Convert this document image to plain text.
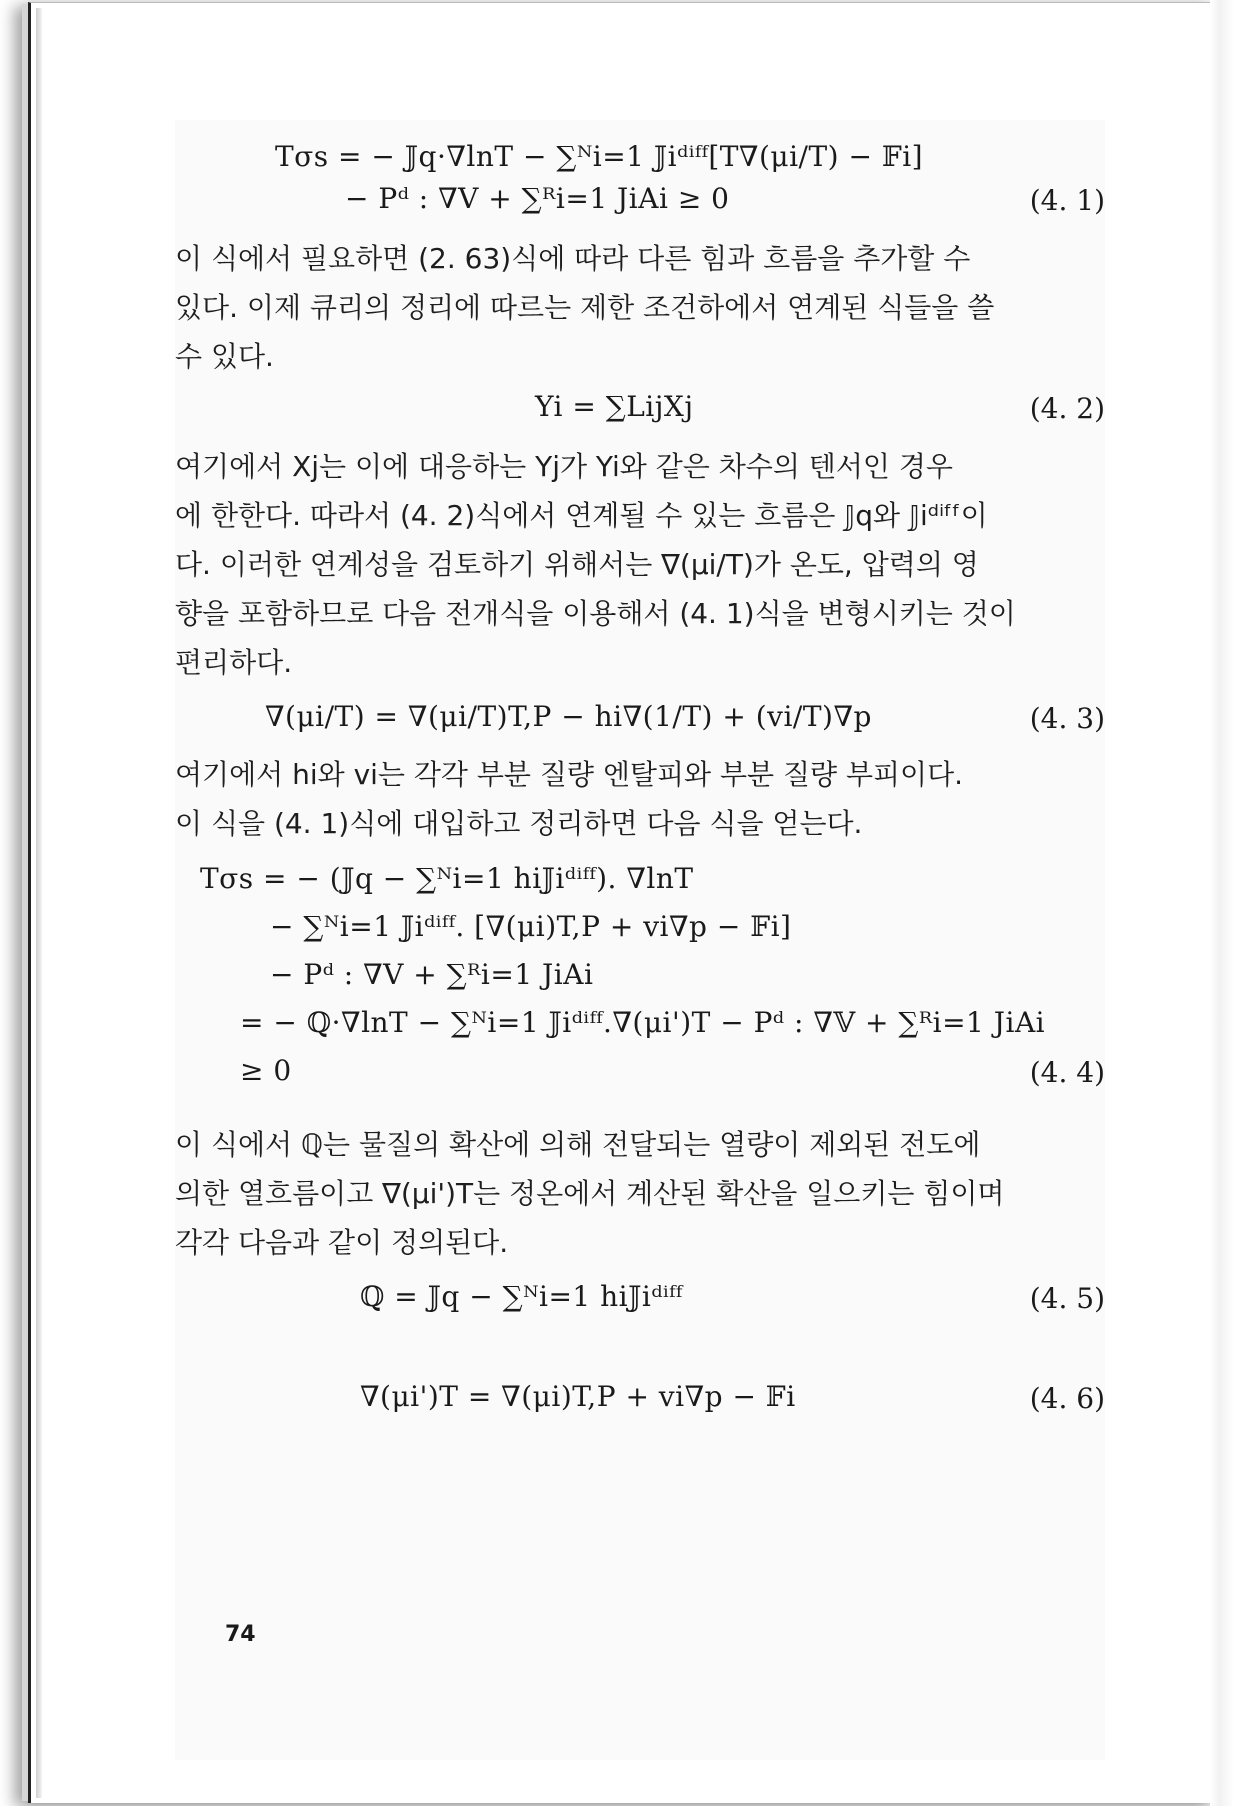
Tσs = − 𝕁q·∇lnT − ∑ᴺi=1 𝕁iᵈⁱᶠᶠ[T∇(μi/T) − 𝔽i]
− Pᵈ : ∇V + ∑ᴿi=1 JiAi ≥ 0	(4. 1)
이 식에서 필요하면 (2. 63)식에 따라 다른 힘과 흐름을 추가할 수
있다. 이제 큐리의 정리에 따르는 제한 조건하에서 연계된 식들을 쓸
수 있다.
Yi = ∑LijXj	(4. 2)
여기에서 Xj는 이에 대응하는 Yj가 Yi와 같은 차수의 텐서인 경우
에 한한다. 따라서 (4. 2)식에서 연계될 수 있는 흐름은 𝕁q와 𝕁iᵈⁱᶠᶠ이
다. 이러한 연계성을 검토하기 위해서는 ∇(μi/T)가 온도, 압력의 영
향을 포함하므로 다음 전개식을 이용해서 (4. 1)식을 변형시키는 것이
편리하다.
∇(μi/T) = ∇(μi/T)T,P − hi∇(1/T) + (vi/T)∇p	(4. 3)
여기에서 hi와 vi는 각각 부분 질량 엔탈피와 부분 질량 부피이다.
이 식을 (4. 1)식에 대입하고 정리하면 다음 식을 얻는다.
Tσs = − (𝕁q − ∑ᴺi=1 hi𝕁iᵈⁱᶠᶠ). ∇lnT
− ∑ᴺi=1 𝕁iᵈⁱᶠᶠ. [∇(μi)T,P + vi∇p − 𝔽i]
− Pᵈ : ∇V + ∑ᴿi=1 JiAi
= − ℚ·∇lnT − ∑ᴺi=1 𝕁iᵈⁱᶠᶠ.∇(μi')T − Pᵈ : ∇𝕍 + ∑ᴿi=1 JiAi
≥ 0	(4. 4)
이 식에서 ℚ는 물질의 확산에 의해 전달되는 열량이 제외된 전도에
의한 열흐름이고 ∇(μi')T는 정온에서 계산된 확산을 일으키는 힘이며
각각 다음과 같이 정의된다.
ℚ = 𝕁q − ∑ᴺi=1 hi𝕁iᵈⁱᶠᶠ	(4. 5)
∇(μi')T = ∇(μi)T,P + vi∇p − 𝔽i	(4. 6)
74
